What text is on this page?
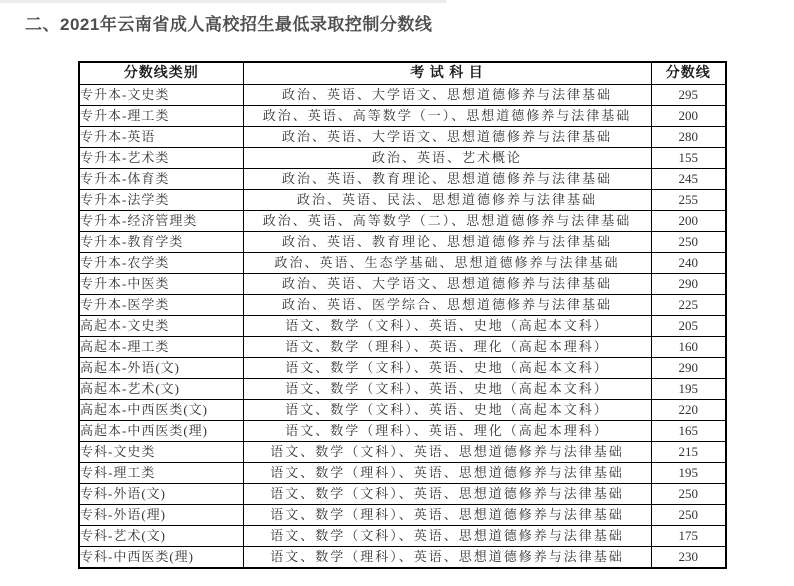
二、2021年云南省成人高校招生最低录取控制分数线
分数线类别	考 试 科 目	分数线
专升本-文史类	政治、英语、大学语文、思想道德修养与法律基础	295
专升本-理工类	政治、英语、高等数学（一）、思想道德修养与法律基础	200
专升本-英语	政治、英语、大学语文、思想道德修养与法律基础	280
专升本-艺术类	政治、英语、艺术概论	155
专升本-体育类	政治、英语、教育理论、思想道德修养与法律基础	245
专升本-法学类	政治、英语、民法、思想道德修养与法律基础	255
专升本-经济管理类	政治、英语、高等数学（二）、思想道德修养与法律基础	200
专升本-教育学类	政治、英语、教育理论、思想道德修养与法律基础	250
专升本-农学类	政治、英语、生态学基础、思想道德修养与法律基础	240
专升本-中医类	政治、英语、大学语文、思想道德修养与法律基础	290
专升本-医学类	政治、英语、医学综合、思想道德修养与法律基础	225
高起本-文史类	语文、数学（文科）、英语、史地（高起本文科）	205
高起本-理工类	语文、数学（理科）、英语、理化（高起本理科）	160
高起本-外语(文)	语文、数学（文科）、英语、史地（高起本文科）	290
高起本-艺术(文)	语文、数学（文科）、英语、史地（高起本文科）	195
高起本-中西医类(文)	语文、数学（文科）、英语、史地（高起本文科）	220
高起本-中西医类(理)	语文、数学（理科）、英语、理化（高起本理科）	165
专科-文史类	语文、数学（文科）、英语、思想道德修养与法律基础	215
专科-理工类	语文、数学（理科）、英语、思想道德修养与法律基础	195
专科-外语(文)	语文、数学（文科）、英语、思想道德修养与法律基础	250
专科-外语(理)	语文、数学（理科）、英语、思想道德修养与法律基础	250
专科-艺术(文)	语文、数学（文科）、英语、思想道德修养与法律基础	175
专科-中西医类(理)	语文、数学（理科）、英语、思想道德修养与法律基础	230
